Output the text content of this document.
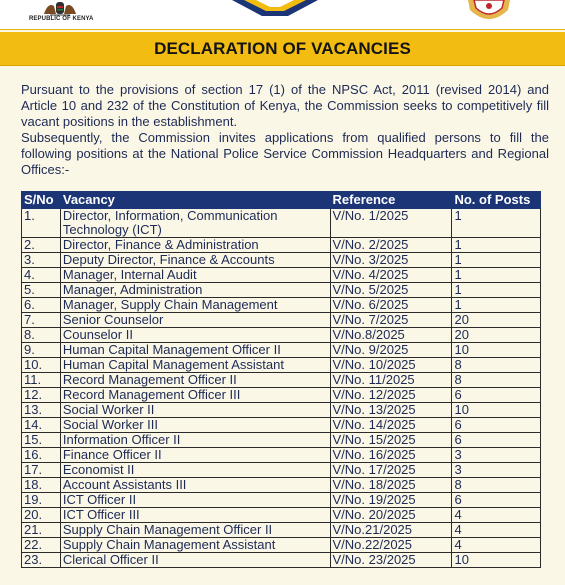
REPUBLIC OF KENYA
DECLARATION OF VACANCIES

Pursuant to the provisions of section 17 (1) of the NPSC Act, 2011 (revised 2014) and Article 10 and 232 of the Constitution of Kenya, the Commission seeks to competitively fill vacant positions in the establishment.

Subsequently, the Commission invites applications from qualified persons to fill the following positions at the National Police Service Commission Headquarters and Regional Offices:-

S/No	Vacancy	Reference	No. of Posts
1.	Director, Information, Communication Technology (ICT)	V/No. 1/2025	1
2.	Director, Finance & Administration	V/No. 2/2025	1
3.	Deputy Director, Finance & Accounts	V/No. 3/2025	1
4.	Manager, Internal Audit	V/No. 4/2025	1
5.	Manager, Administration	V/No. 5/2025	1
6.	Manager, Supply Chain Management	V/No. 6/2025	1
7.	Senior Counselor	V/No. 7/2025	20
8.	Counselor II	V/No.8/2025	20
9.	Human Capital Management Officer II	V/No. 9/2025	10
10.	Human Capital Management Assistant	V/No. 10/2025	8
11.	Record Management Officer II	V/No. 11/2025	8
12.	Record Management Officer III	V/No. 12/2025	6
13.	Social Worker II	V/No. 13/2025	10
14.	Social Worker III	V/No. 14/2025	6
15.	Information Officer II	V/No. 15/2025	6
16.	Finance Officer II	V/No. 16/2025	3
17.	Economist II	V/No. 17/2025	3
18.	Account Assistants III	V/No. 18/2025	8
19.	ICT Officer II	V/No. 19/2025	6
20.	ICT Officer III	V/No. 20/2025	4
21.	Supply Chain Management Officer II	V/No.21/2025	4
22.	Supply Chain Management Assistant	V/No.22/2025	4
23.	Clerical Officer II	V/No. 23/2025	10
